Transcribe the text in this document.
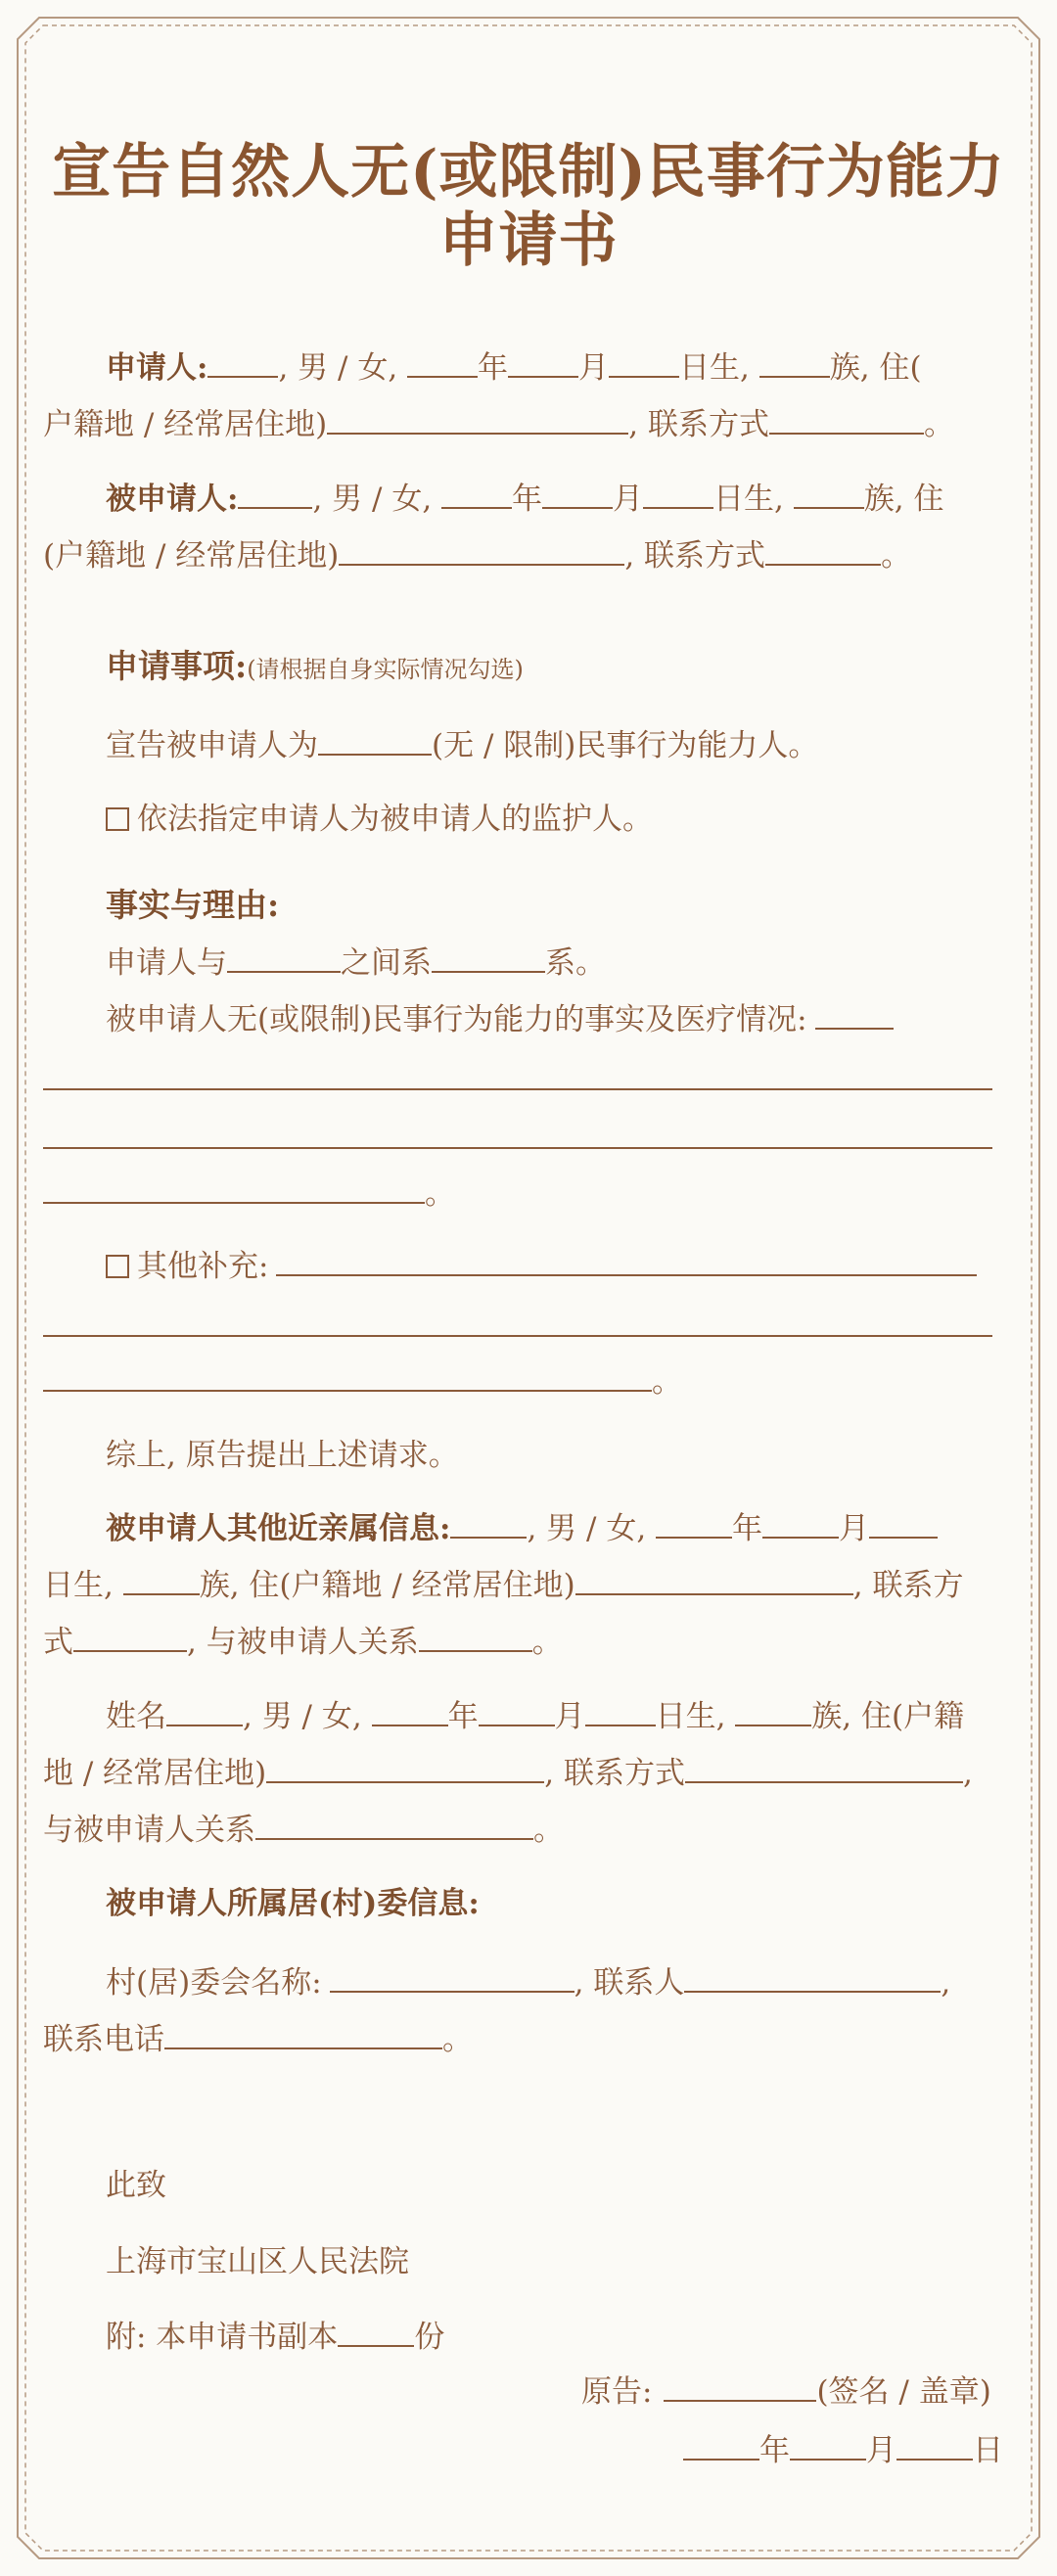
宣告自然人无(或限制)民事行为能力
申请书
申请人: , 男 / 女, 年 月 日生, 族, 住(
户籍地 / 经常居住地)	, 联系方式	。
被申请人: , 男 / 女, 年 月 日生, 族, 住
(户籍地 / 经常居住地)	, 联系方式	。
申请事项:(请根据自身实际情况勾选)
宣告被申请人为	(无 / 限制)民事行为能力人。
依法指定申请人为被申请人的监护人。
事实与理由:
申请人与	之间系	系。
被申请人无(或限制)民事行为能力的事实及医疗情况:
。
其他补充:
。
综上, 原告提出上述请求。
被申请人其他近亲属信息:	, 男 / 女,	年	月
日生,	族, 住(户籍地 / 经常居住地)	, 联系方
式	, 与被申请人关系	。
姓名	, 男 / 女,	年	月 日生,	族, 住(户籍
地 / 经常居住地)	, 联系方式	,
与被申请人关系	。
被申请人所属居(村)委信息:
村(居)委会名称:	, 联系人	,
联系电话	。
此致
上海市宝山区人民法院
附: 本申请书副本	份
原告:	(签名 / 盖章)
年	月	日
